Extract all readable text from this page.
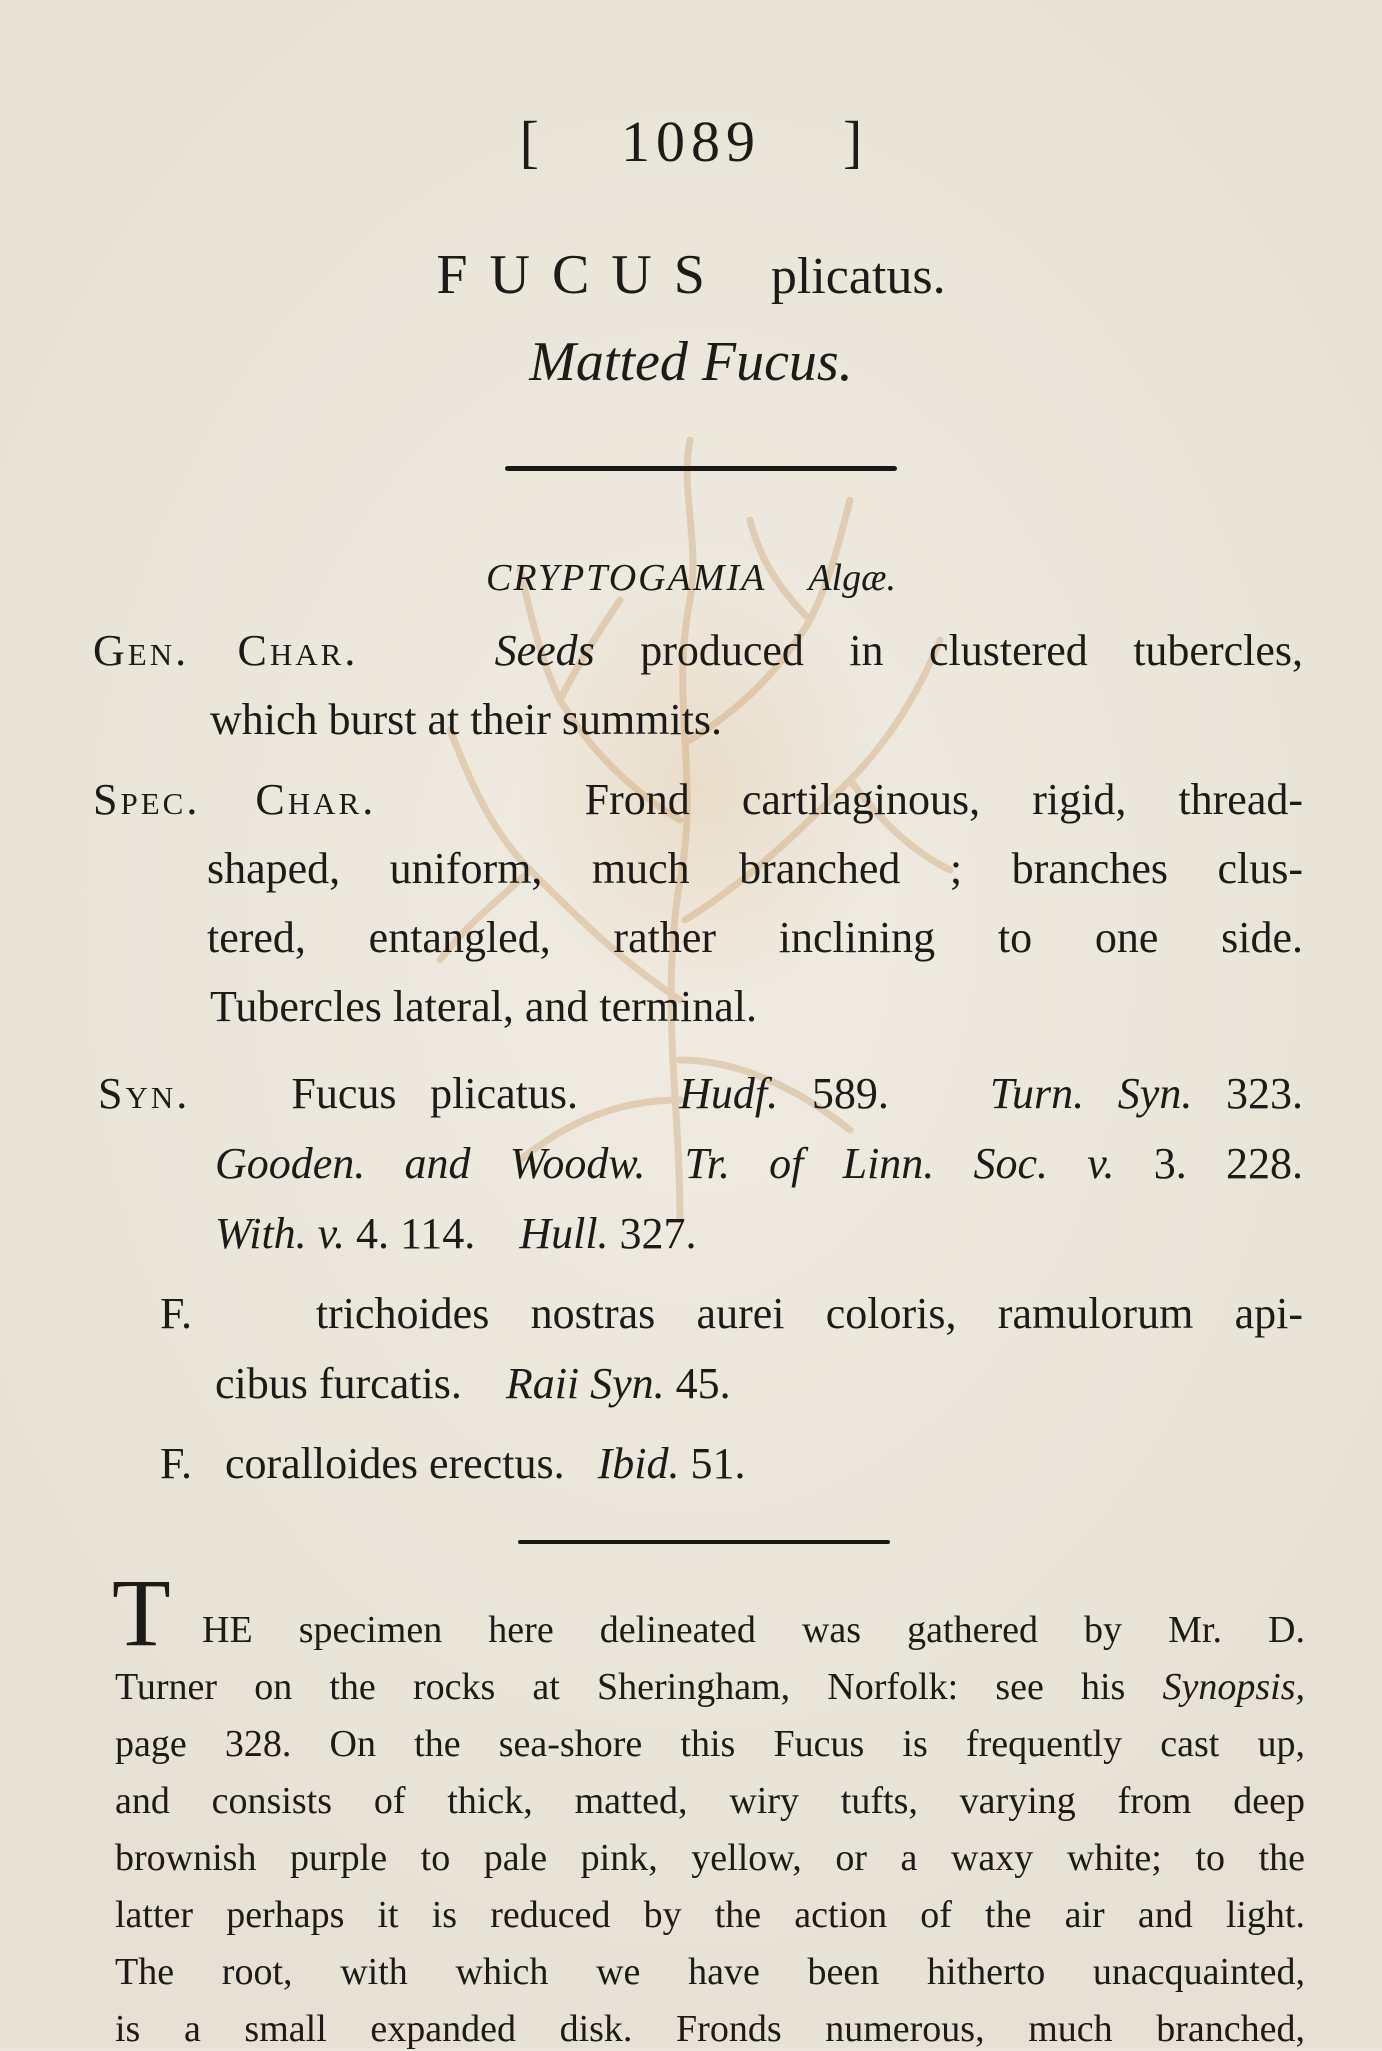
[ 1089 ]
FUCUS plicatus.
Matted Fucus.
CRYPTOGAMIA Algæ.
Gen. Char.	Seeds produced in clustered tubercles,
which burst at their summits.
Spec. Char.	Frond cartilaginous, rigid, thread-
shaped, uniform, much branched ; branches clus-
tered, entangled, rather inclining to one side.
Tubercles lateral, and terminal.
Syn. Fucus plicatus. Hudf. 589. Turn. Syn. 323.
Gooden. and Woodw. Tr. of Linn. Soc. v. 3. 228.
With. v. 4. 114. Hull. 327.
F.	trichoides nostras aurei coloris, ramulorum api-
cibus furcatis. Raii Syn. 45.
F. coralloides erectus. Ibid. 51.
T HE specimen here delineated was gathered by Mr. D.
Turner on the rocks at Sheringham, Norfolk: see his Synopsis,
page 328. On the sea-shore this Fucus is frequently cast up,
and consists of thick, matted, wiry tufts, varying from deep
brownish purple to pale pink, yellow, or a waxy white; to the
latter perhaps it is reduced by the action of the air and light.
The root, with which we have been hitherto unacquainted,
is a small expanded disk. Fronds numerous, much branched,
